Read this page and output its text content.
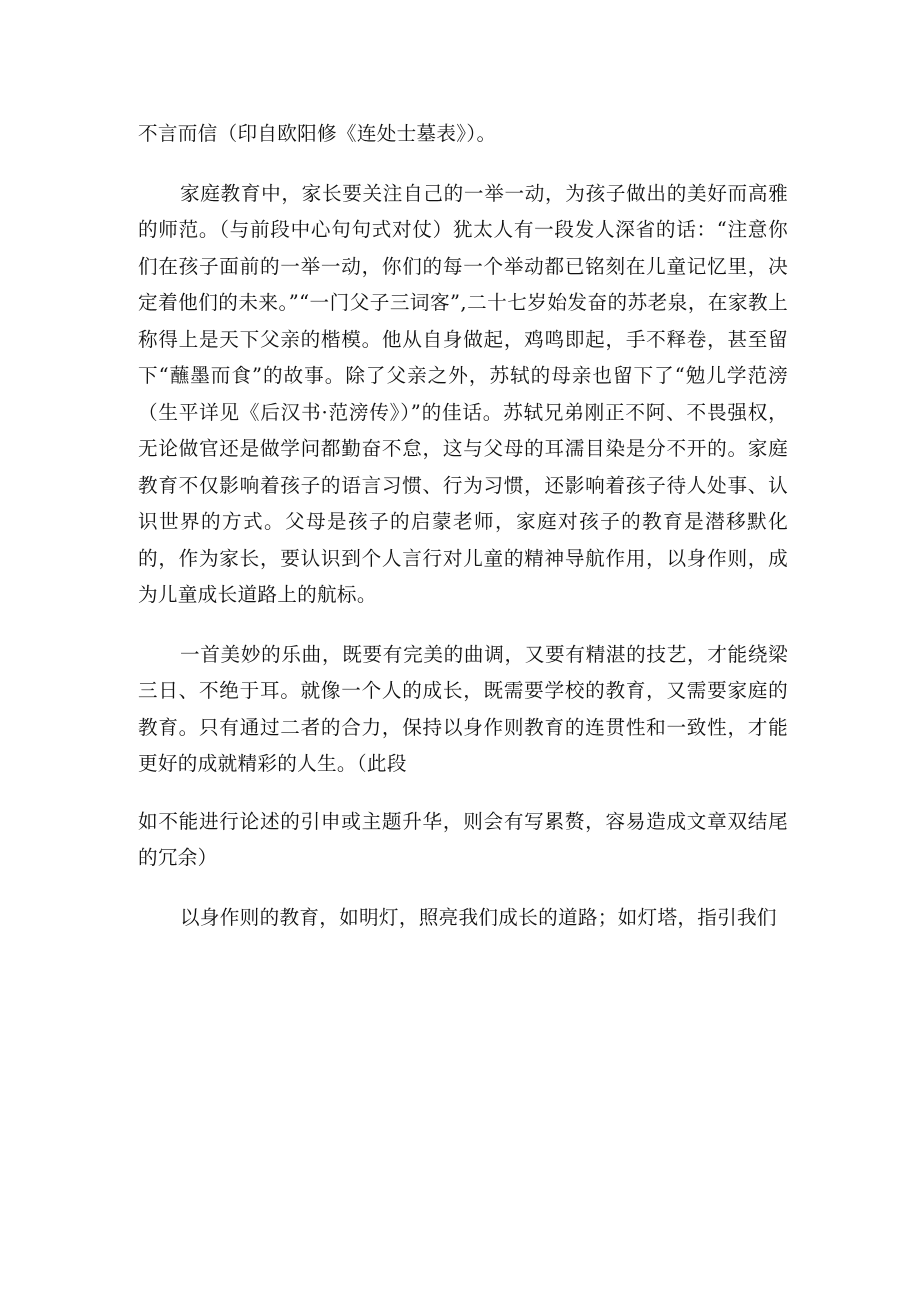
不言而信（印自欧阳修《连处士墓表》）。

家庭教育中，家长要关注自己的一举一动，为孩子做出的美好而高雅的师范。（与前段中心句句式对仗）犹太人有一段发人深省的话：“注意你们在孩子面前的一举一动，你们的每一个举动都已铭刻在儿童记忆里，决定着他们的未来。”“一门父子三词客”,二十七岁始发奋的苏老泉，在家教上称得上是天下父亲的楷模。他从自身做起，鸡鸣即起，手不释卷，甚至留下“蘸墨而食”的故事。除了父亲之外，苏轼的母亲也留下了“勉儿学范滂（生平详见《后汉书·范滂传》）”的佳话。苏轼兄弟刚正不阿、不畏强权，无论做官还是做学问都勤奋不怠，这与父母的耳濡目染是分不开的。家庭教育不仅影响着孩子的语言习惯、行为习惯，还影响着孩子待人处事、认识世界的方式。父母是孩子的启蒙老师，家庭对孩子的教育是潜移默化的，作为家长，要认识到个人言行对儿童的精神导航作用，以身作则，成为儿童成长道路上的航标。

一首美妙的乐曲，既要有完美的曲调，又要有精湛的技艺，才能绕梁三日、不绝于耳。就像一个人的成长，既需要学校的教育，又需要家庭的教育。只有通过二者的合力，保持以身作则教育的连贯性和一致性，才能更好的成就精彩的人生。（此段

如不能进行论述的引申或主题升华，则会有写累赘，容易造成文章双结尾的冗余）

以身作则的教育，如明灯，照亮我们成长的道路；如灯塔，指引我们
